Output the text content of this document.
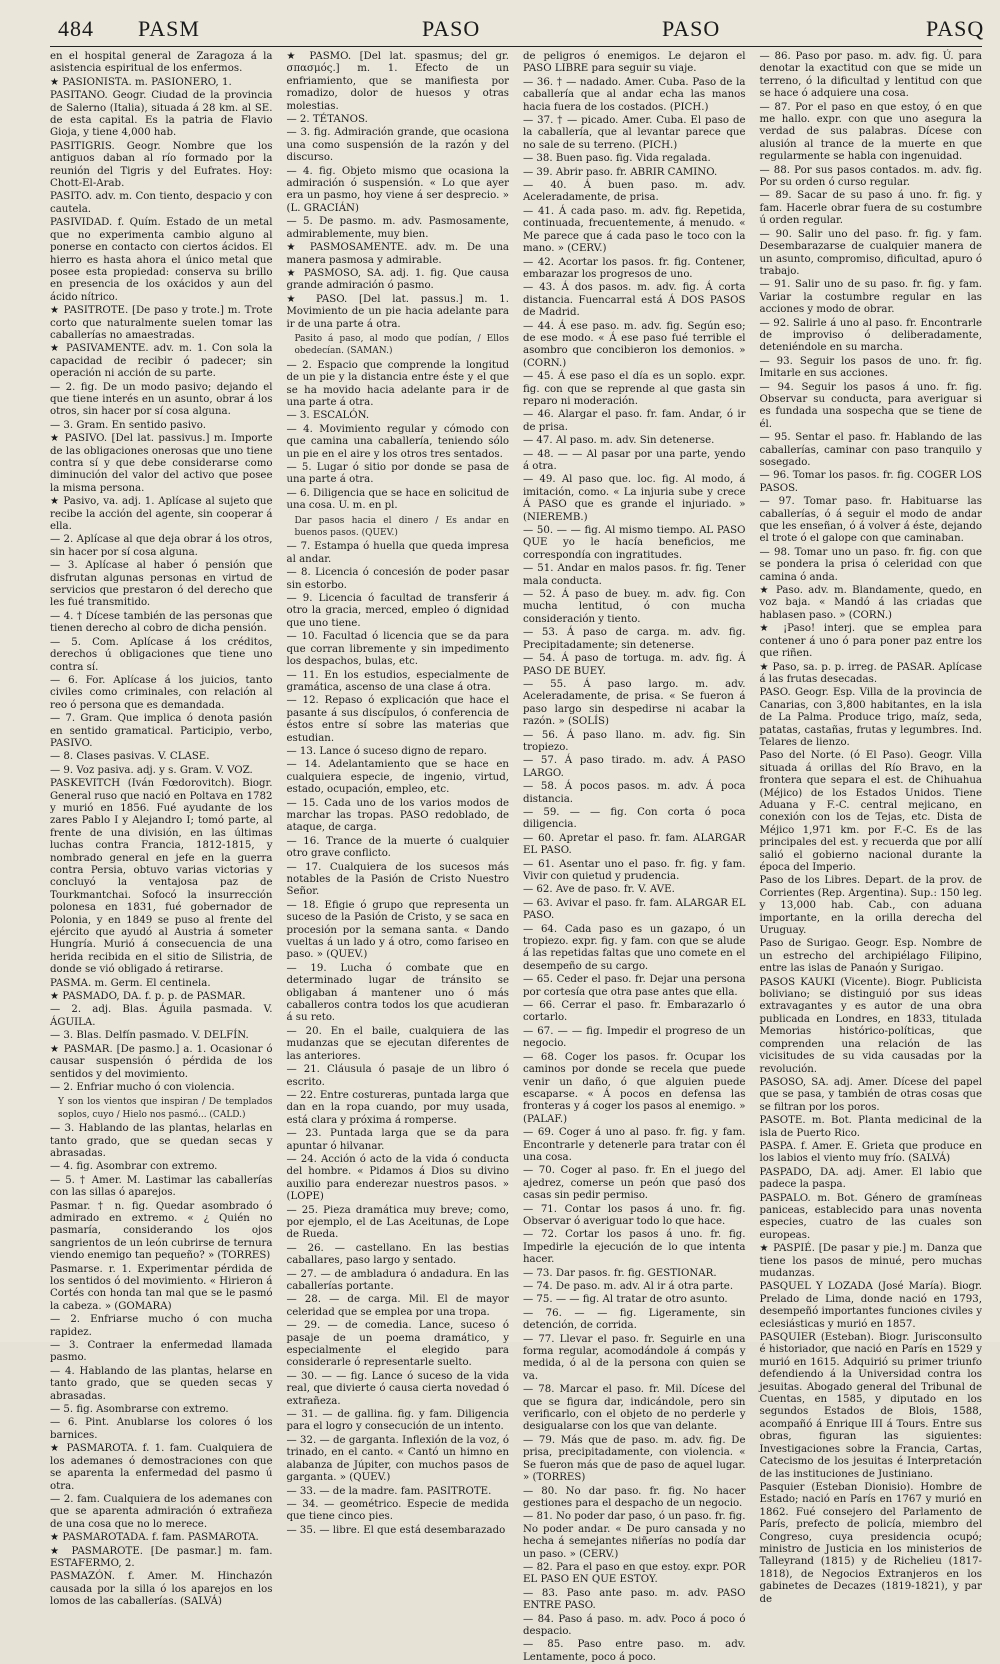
484 PASM	PASO	PASO	PASQ

en el hospital general de Zaragoza á la asistencia espiritual de los enfermos.

★ PASIONISTA. m. PASIONERO, 1.

PASITANO. Geogr. Ciudad de la provincia de Salerno (Italia), situada á 28 km. al SE. de esta capital. Es la patria de Flavio Gioja, y tiene 4,000 hab.

PASITIGRIS. Geogr. Nombre que los antiguos daban al río formado por la reunión del Tigris y del Eufrates. Hoy: Chott-El-Arab.

PASITO. adv. m. Con tiento, despacio y con cautela.

PASIVIDAD. f. Quím. Estado de un metal que no experimenta cambio alguno al ponerse en contacto con ciertos ácidos. El hierro es hasta ahora el único metal que posee esta propiedad: conserva su brillo en presencia de los oxácidos y aun del ácido nítrico.

★ PASITROTE. [De paso y trote.] m. Trote corto que naturalmente suelen tomar las caballerías no amaestradas.

★ PASIVAMENTE. adv. m. 1. Con sola la capacidad de recibir ó padecer; sin operación ni acción de su parte.

— 2. fig. De un modo pasivo; dejando el que tiene interés en un asunto, obrar á los otros, sin hacer por sí cosa alguna.

— 3. Gram. En sentido pasivo.

★ PASIVO. [Del lat. passivus.] m. Importe de las obligaciones onerosas que uno tiene contra sí y que debe considerarse como diminución del valor del activo que posee la misma persona.

★ Pasivo, va. adj. 1. Aplícase al sujeto que recibe la acción del agente, sin cooperar á ella.

— 2. Aplícase al que deja obrar á los otros, sin hacer por sí cosa alguna.

— 3. Aplícase al haber ó pensión que disfrutan algunas personas en virtud de servicios que prestaron ó del derecho que les fué transmitido.

— 4. † Dícese también de las personas que tienen derecho al cobro de dicha pensión.

— 5. Com. Aplícase á los créditos, derechos ú obligaciones que tiene uno contra sí.

— 6. For. Aplícase á los juicios, tanto civiles como criminales, con relación al reo ó persona que es demandada.

— 7. Gram. Que implica ó denota pasión en sentido gramatical. Participio, verbo, PASIVO.

— 8. Clases pasivas. V. CLASE.

— 9. Voz pasiva. adj. y s. Gram. V. VOZ.

PASKEVITCH (Iván Fœdorovitch). Biogr. General ruso que nació en Poltava en 1782 y murió en 1856. Fué ayudante de los zares Pablo I y Alejandro I; tomó parte, al frente de una división, en las últimas luchas contra Francia, 1812-1815, y nombrado general en jefe en la guerra contra Persia, obtuvo varias victorias y concluyó la ventajosa paz de Tourkmantchai. Sofocó la insurrección polonesa en 1831, fué gobernador de Polonia, y en 1849 se puso al frente del ejército que ayudó al Austria á someter Hungría. Murió á consecuencia de una herida recibida en el sitio de Silistria, de donde se vió obligado á retirarse.

PASMA. m. Germ. El centinela.

★ PASMADO, DA. f. p. p. de PASMAR.

— 2. adj. Blas. Águila pasmada. V. ÁGUILA.

— 3. Blas. Delfín pasmado. V. DELFÍN.

★ PASMAR. [De pasmo.] a. 1. Ocasionar ó causar suspensión ó pérdida de los sentidos y del movimiento.

— 2. Enfriar mucho ó con violencia.

Y son los vientos que inspiran / De templados soplos, cuyo / Hielo nos pasmó... (CALD.)

— 3. Hablando de las plantas, helarlas en tanto grado, que se quedan secas y abrasadas.

— 4. fig. Asombrar con extremo.

— 5. † Amer. M. Lastimar las caballerías con las sillas ó aparejos.

Pasmar. † n. fig. Quedar asombrado ó admirado en extremo. « ¿ Quién no pasmaría, considerando los ojos sangrientos de un león cubrirse de ternura viendo enemigo tan pequeño? » (TORRES)

Pasmarse. r. 1. Experimentar pérdida de los sentidos ó del movimiento. « Hirieron á Cortés con honda tan mal que se le pasmó la cabeza. » (GOMARA)

— 2. Enfriarse mucho ó con mucha rapidez.

— 3. Contraer la enfermedad llamada pasmo.

— 4. Hablando de las plantas, helarse en tanto grado, que se queden secas y abrasadas.

— 5. fig. Asombrarse con extremo.

— 6. Pint. Anublarse los colores ó los barnices.

★ PASMAROTA. f. 1. fam. Cualquiera de los ademanes ó demostraciones con que se aparenta la enfermedad del pasmo ú otra.

— 2. fam. Cualquiera de los ademanes con que se aparenta admiración ó extrañeza de una cosa que no lo merece.

★ PASMAROTADA. f. fam. PASMAROTA.

★ PASMAROTE. [De pasmar.] m. fam. ESTAFERMO, 2.

PASMAZÓN. f. Amer. M. Hinchazón causada por la silla ó los aparejos en los lomos de las caballerías. (SALVÁ)

★ PASMO. [Del lat. spasmus; del gr. σπασμός.] m. 1. Efecto de un enfriamiento, que se manifiesta por romadizo, dolor de huesos y otras molestias.

— 2. TÉTANOS.

— 3. fig. Admiración grande, que ocasiona una como suspensión de la razón y del discurso.

— 4. fig. Objeto mismo que ocasiona la admiración ó suspensión. « Lo que ayer era un pasmo, hoy viene á ser desprecio. » (L. GRACIÁN)

— 5. De pasmo. m. adv. Pasmosamente, admirablemente, muy bien.

★ PASMOSAMENTE. adv. m. De una manera pasmosa y admirable.

★ PASMOSO, SA. adj. 1. fig. Que causa grande admiración ó pasmo.

★ PASO. [Del lat. passus.] m. 1. Movimiento de un pie hacia adelante para ir de una parte á otra.

Pasito á paso, al modo que podían, / Ellos obedecían. (SAMAN.)

— 2. Espacio que comprende la longitud de un pie y la distancia entre éste y el que se ha movido hacia adelante para ir de una parte á otra.

— 3. ESCALÓN.

— 4. Movimiento regular y cómodo con que camina una caballería, teniendo sólo un pie en el aire y los otros tres sentados.

— 5. Lugar ó sitio por donde se pasa de una parte á otra.

— 6. Diligencia que se hace en solicitud de una cosa. U. m. en pl.

Dar pasos hacia el dinero / Es andar en buenos pasos. (QUEV.)

— 7. Estampa ó huella que queda impresa al andar.

— 8. Licencia ó concesión de poder pasar sin estorbo.

— 9. Licencia ó facultad de transferir á otro la gracia, merced, empleo ó dignidad que uno tiene.

— 10. Facultad ó licencia que se da para que corran libremente y sin impedimento los despachos, bulas, etc.

— 11. En los estudios, especialmente de gramática, ascenso de una clase á otra.

— 12. Repaso ó explicación que hace el pasante á sus discípulos, ó conferencia de éstos entre sí sobre las materias que estudian.

— 13. Lance ó suceso digno de reparo.

— 14. Adelantamiento que se hace en cualquiera especie, de ingenio, virtud, estado, ocupación, empleo, etc.

— 15. Cada uno de los varios modos de marchar las tropas. PASO redoblado, de ataque, de carga.

— 16. Trance de la muerte ó cualquier otro grave conflicto.

— 17. Cualquiera de los sucesos más notables de la Pasión de Cristo Nuestro Señor.

— 18. Efigie ó grupo que representa un suceso de la Pasión de Cristo, y se saca en procesión por la semana santa. « Dando vueltas á un lado y á otro, como fariseo en paso. » (QUEV.)

— 19. Lucha ó combate que en determinado lugar de tránsito se obligaban á mantener uno ó más caballeros contra todos los que acudieran á su reto.

— 20. En el baile, cualquiera de las mudanzas que se ejecutan diferentes de las anteriores.

— 21. Cláusula ó pasaje de un libro ó escrito.

— 22. Entre costureras, puntada larga que dan en la ropa cuando, por muy usada, está clara y próxima á romperse.

— 23. Puntada larga que se da para apuntar ó hilvanar.

— 24. Acción ó acto de la vida ó conducta del hombre. « Pidamos á Dios su divino auxilio para enderezar nuestros pasos. » (LOPE)

— 25. Pieza dramática muy breve; como, por ejemplo, el de Las Aceitunas, de Lope de Rueda.

— 26. — castellano. En las bestias caballares, paso largo y sentado.

— 27. — de ambladura ó andadura. En las caballerías portante.

— 28. — de carga. Mil. El de mayor celeridad que se emplea por una tropa.

— 29. — de comedia. Lance, suceso ó pasaje de un poema dramático, y especialmente el elegido para considerarle ó representarle suelto.

— 30. — — fig. Lance ó suceso de la vida real, que divierte ó causa cierta novedad ó extrañeza.

— 31. — de gallina. fig. y fam. Diligencia para el logro y consecución de un intento.

— 32. — de garganta. Inflexión de la voz, ó trinado, en el canto. « Cantó un himno en alabanza de Júpiter, con muchos pasos de garganta. » (QUEV.)

— 33. — de la madre. fam. PASITROTE.

— 34. — geométrico. Especie de medida que tiene cinco pies.

— 35. — libre. El que está desembarazado

de peligros ó enemigos. Le dejaron el PASO LIBRE para seguir su viaje.

— 36. † — nadado. Amer. Cuba. Paso de la caballería que al andar echa las manos hacia fuera de los costados. (PICH.)

— 37. † — picado. Amer. Cuba. El paso de la caballería, que al levantar parece que no sale de su terreno. (PICH.)

— 38. Buen paso. fig. Vida regalada.

— 39. Abrir paso. fr. ABRIR CAMINO.

— 40. Á buen paso. m. adv. Aceleradamente, de prisa.

— 41. Á cada paso. m. adv. fig. Repetida, continuada, frecuentemente, á menudo. « Me parece que á cada paso le toco con la mano. » (CERV.)

— 42. Acortar los pasos. fr. fig. Contener, embarazar los progresos de uno.

— 43. Á dos pasos. m. adv. fig. Á corta distancia. Fuencarral está Á DOS PASOS de Madrid.

— 44. Á ese paso. m. adv. fig. Según eso; de ese modo. « Á ese paso fué terrible el asombro que concibieron los demonios. » (CORN.)

— 45. Á ese paso el día es un soplo. expr. fig. con que se reprende al que gasta sin reparo ni moderación.

— 46. Alargar el paso. fr. fam. Andar, ó ir de prisa.

— 47. Al paso. m. adv. Sin detenerse.

— 48. — — Al pasar por una parte, yendo á otra.

— 49. Al paso que. loc. fig. Al modo, á imitación, como. « La injuria sube y crece Á PASO que es grande el injuriado. » (NIEREMB.)

— 50. — — fig. Al mismo tiempo. AL PASO QUE yo le hacía beneficios, me correspondía con ingratitudes.

— 51. Andar en malos pasos. fr. fig. Tener mala conducta.

— 52. Á paso de buey. m. adv. fig. Con mucha lentitud, ó con mucha consideración y tiento.

— 53. Á paso de carga. m. adv. fig. Precipitadamente; sin detenerse.

— 54. Á paso de tortuga. m. adv. fig. Á PASO DE BUEY.

— 55. Á paso largo. m. adv. Aceleradamente, de prisa. « Se fueron á paso largo sin despedirse ni acabar la razón. » (SOLÍS)

— 56. Á paso llano. m. adv. fig. Sin tropiezo.

— 57. Á paso tirado. m. adv. Á PASO LARGO.

— 58. Á pocos pasos. m. adv. Á poca distancia.

— 59. — — fig. Con corta ó poca diligencia.

— 60. Apretar el paso. fr. fam. ALARGAR EL PASO.

— 61. Asentar uno el paso. fr. fig. y fam. Vivir con quietud y prudencia.

— 62. Ave de paso. fr. V. AVE.

— 63. Avivar el paso. fr. fam. ALARGAR EL PASO.

— 64. Cada paso es un gazapo, ó un tropiezo. expr. fig. y fam. con que se alude á las repetidas faltas que uno comete en el desempeño de su cargo.

— 65. Ceder el paso. fr. Dejar una persona por cortesía que otra pase antes que ella.

— 66. Cerrar el paso. fr. Embarazarlo ó cortarlo.

— 67. — — fig. Impedir el progreso de un negocio.

— 68. Coger los pasos. fr. Ocupar los caminos por donde se recela que puede venir un daño, ó que alguien puede escaparse. « Á pocos en defensa las fronteras y á coger los pasos al enemigo. » (PALAF.)

— 69. Coger á uno al paso. fr. fig. y fam. Encontrarle y detenerle para tratar con él una cosa.

— 70. Coger al paso. fr. En el juego del ajedrez, comerse un peón que pasó dos casas sin pedir permiso.

— 71. Contar los pasos á uno. fr. fig. Observar ó averiguar todo lo que hace.

— 72. Cortar los pasos á uno. fr. fig. Impedirle la ejecución de lo que intenta hacer.

— 73. Dar pasos. fr. fig. GESTIONAR.

— 74. De paso. m. adv. Al ir á otra parte.

— 75. — — fig. Al tratar de otro asunto.

— 76. — — fig. Ligeramente, sin detención, de corrida.

— 77. Llevar el paso. fr. Seguirle en una forma regular, acomodándole á compás y medida, ó al de la persona con quien se va.

— 78. Marcar el paso. fr. Mil. Dícese del que se figura dar, indicándole, pero sin verificarlo, con el objeto de no perderle y desigualarse con los que van delante.

— 79. Más que de paso. m. adv. fig. De prisa, precipitadamente, con violencia. « Se fueron más que de paso de aquel lugar. » (TORRES)

— 80. No dar paso. fr. fig. No hacer gestiones para el despacho de un negocio.

— 81. No poder dar paso, ó un paso. fr. fig. No poder andar. « De puro cansada y no hecha á semejantes niñerías no podía dar un paso. » (CERV.)

— 82. Para el paso en que estoy. expr. POR EL PASO EN QUE ESTOY.

— 83. Paso ante paso. m. adv. PASO ENTRE PASO.

— 84. Paso á paso. m. adv. Poco á poco ó despacio.

— 85. Paso entre paso. m. adv. Lentamente, poco á poco.

— 86. Paso por paso. m. adv. fig. Ú. para denotar la exactitud con que se mide un terreno, ó la dificultad y lentitud con que se hace ó adquiere una cosa.

— 87. Por el paso en que estoy, ó en que me hallo. expr. con que uno asegura la verdad de sus palabras. Dícese con alusión al trance de la muerte en que regularmente se habla con ingenuidad.

— 88. Por sus pasos contados. m. adv. fig. Por su orden ó curso regular.

— 89. Sacar de su paso á uno. fr. fig. y fam. Hacerle obrar fuera de su costumbre ú orden regular.

— 90. Salir uno del paso. fr. fig. y fam. Desembarazarse de cualquier manera de un asunto, compromiso, dificultad, apuro ó trabajo.

— 91. Salir uno de su paso. fr. fig. y fam. Variar la costumbre regular en las acciones y modo de obrar.

— 92. Salirle á uno al paso. fr. Encontrarle de improviso ó deliberadamente, deteniéndole en su marcha.

— 93. Seguir los pasos de uno. fr. fig. Imitarle en sus acciones.

— 94. Seguir los pasos á uno. fr. fig. Observar su conducta, para averiguar si es fundada una sospecha que se tiene de él.

— 95. Sentar el paso. fr. Hablando de las caballerías, caminar con paso tranquilo y sosegado.

— 96. Tomar los pasos. fr. fig. COGER LOS PASOS.

— 97. Tomar paso. fr. Habituarse las caballerías, ó á seguir el modo de andar que les enseñan, ó á volver á éste, dejando el trote ó el galope con que caminaban.

— 98. Tomar uno un paso. fr. fig. con que se pondera la prisa ó celeridad con que camina ó anda.

★ Paso. adv. m. Blandamente, quedo, en voz baja. « Mandó á las criadas que hablasen paso. » (CORN.)

★ ¡Paso! interj. que se emplea para contener á uno ó para poner paz entre los que riñen.

★ Paso, sa. p. p. irreg. de PASAR. Aplícase á las frutas desecadas.

PASO. Geogr. Esp. Villa de la provincia de Canarias, con 3,800 habitantes, en la isla de La Palma. Produce trigo, maíz, seda, patatas, castañas, frutas y legumbres. Ind. Telares de lienzo.

Paso del Norte. (ó El Paso). Geogr. Villa situada á orillas del Río Bravo, en la frontera que separa el est. de Chihuahua (Méjico) de los Estados Unidos. Tiene Aduana y F.-C. central mejicano, en conexión con los de Tejas, etc. Dista de Méjico 1,971 km. por F.-C. Es de las principales del est. y recuerda que por allí salió el gobierno nacional durante la época del Imperio.

Paso de los Libres. Depart. de la prov. de Corrientes (Rep. Argentina). Sup.: 150 leg. y 13,000 hab. Cab., con aduana importante, en la orilla derecha del Uruguay.

Paso de Surigao. Geogr. Esp. Nombre de un estrecho del archipiélago Filipino, entre las islas de Panaón y Surigao.

PASOS KAUKI (Vicente). Biogr. Publicista boliviano; se distinguió por sus ideas extravagantes y es autor de una obra publicada en Londres, en 1833, titulada Memorias histórico-políticas, que comprenden una relación de las vicisitudes de su vida causadas por la revolución.

PASOSO, SA. adj. Amer. Dícese del papel que se pasa, y también de otras cosas que se filtran por los poros.

PASOTE. m. Bot. Planta medicinal de la isla de Puerto Rico.

PASPA. f. Amer. E. Grieta que produce en los labios el viento muy frío. (SALVÁ)

PASPADO, DA. adj. Amer. El labio que padece la paspa.

PASPALO. m. Bot. Género de gramíneas paniceas, establecido para unas noventa especies, cuatro de las cuales son europeas.

★ PASPIÉ. [De pasar y pie.] m. Danza que tiene los pasos de minué, pero muchas mudanzas.

PASQUEL Y LOZADA (José María). Biogr. Prelado de Lima, donde nació en 1793, desempeñó importantes funciones civiles y eclesiásticas y murió en 1857.

PASQUIER (Esteban). Biogr. Jurisconsulto é historiador, que nació en París en 1529 y murió en 1615. Adquirió su primer triunfo defendiendo á la Universidad contra los jesuitas. Abogado general del Tribunal de Cuentas, en 1585, y diputado en los segundos Estados de Blois, 1588, acompañó á Enrique III á Tours. Entre sus obras, figuran las siguientes: Investigaciones sobre la Francia, Cartas, Catecismo de los jesuitas é Interpretación de las instituciones de Justiniano.

Pasquier (Esteban Dionisio). Hombre de Estado; nació en París en 1767 y murió en 1862. Fué consejero del Parlamento de París, prefecto de policía, miembro del Congreso, cuya presidencia ocupó; ministro de Justicia en los ministerios de Talleyrand (1815) y de Richelieu (1817-1818), de Negocios Extranjeros en los gabinetes de Decazes (1819-1821), y par de
